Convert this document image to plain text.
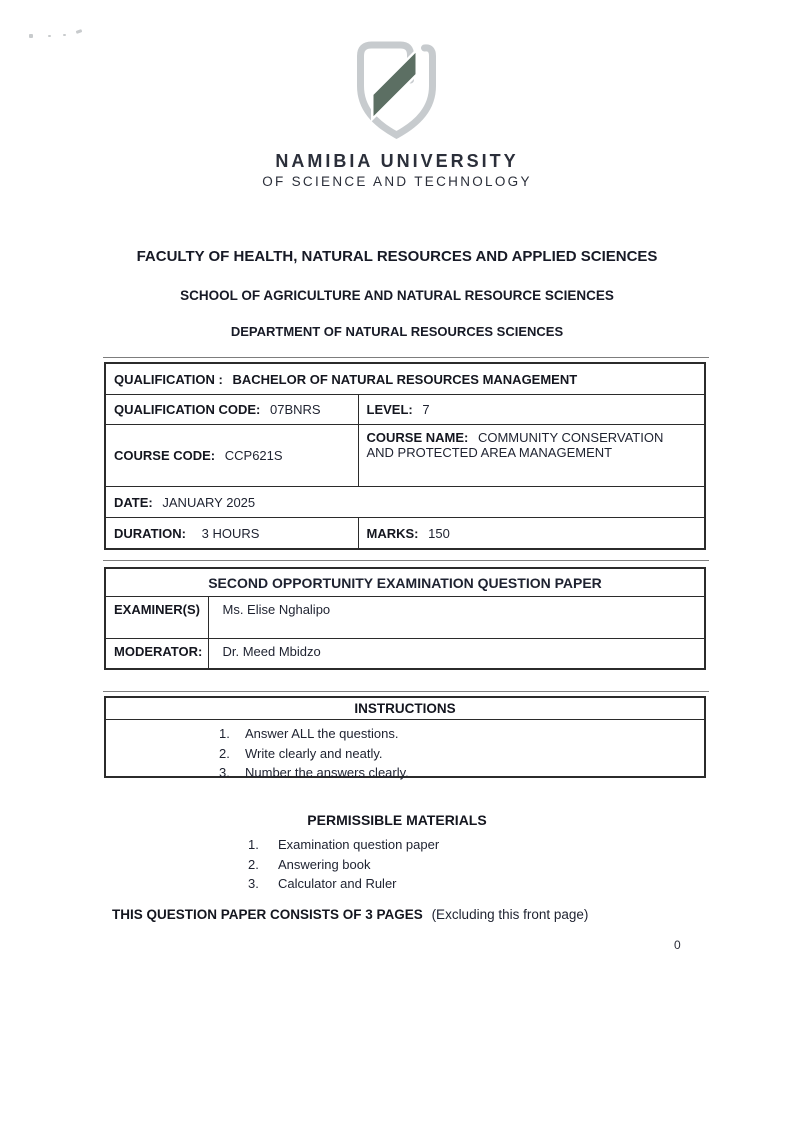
NAMIBIA UNIVERSITY
OF SCIENCE AND TECHNOLOGY
FACULTY OF HEALTH, NATURAL RESOURCES AND APPLIED SCIENCES
SCHOOL OF AGRICULTURE AND NATURAL RESOURCE SCIENCES
DEPARTMENT OF NATURAL RESOURCES SCIENCES
QUALIFICATION : BACHELOR OF NATURAL RESOURCES MANAGEMENT	
QUALIFICATION CODE: 07BNRS	LEVEL: 7
COURSE CODE: CCP621S	COURSE NAME: COMMUNITY CONSERVATION AND PROTECTED AREA MANAGEMENT
DATE: JANUARY 2025	
DURATION: 3 HOURS	MARKS: 150
SECOND OPPORTUNITY EXAMINATION QUESTION PAPER	
EXAMINER(S)	Ms. Elise Nghalipo
MODERATOR:	Dr. Meed Mbidzo
INSTRUCTIONS
1.	Answer ALL the questions.
2.	Write clearly and neatly.
3.	Number the answers clearly.
PERMISSIBLE MATERIALS
1.	Examination question paper
2.	Answering book
3.	Calculator and Ruler
THIS QUESTION PAPER CONSISTS OF 3 PAGES (Excluding this front page)
0
